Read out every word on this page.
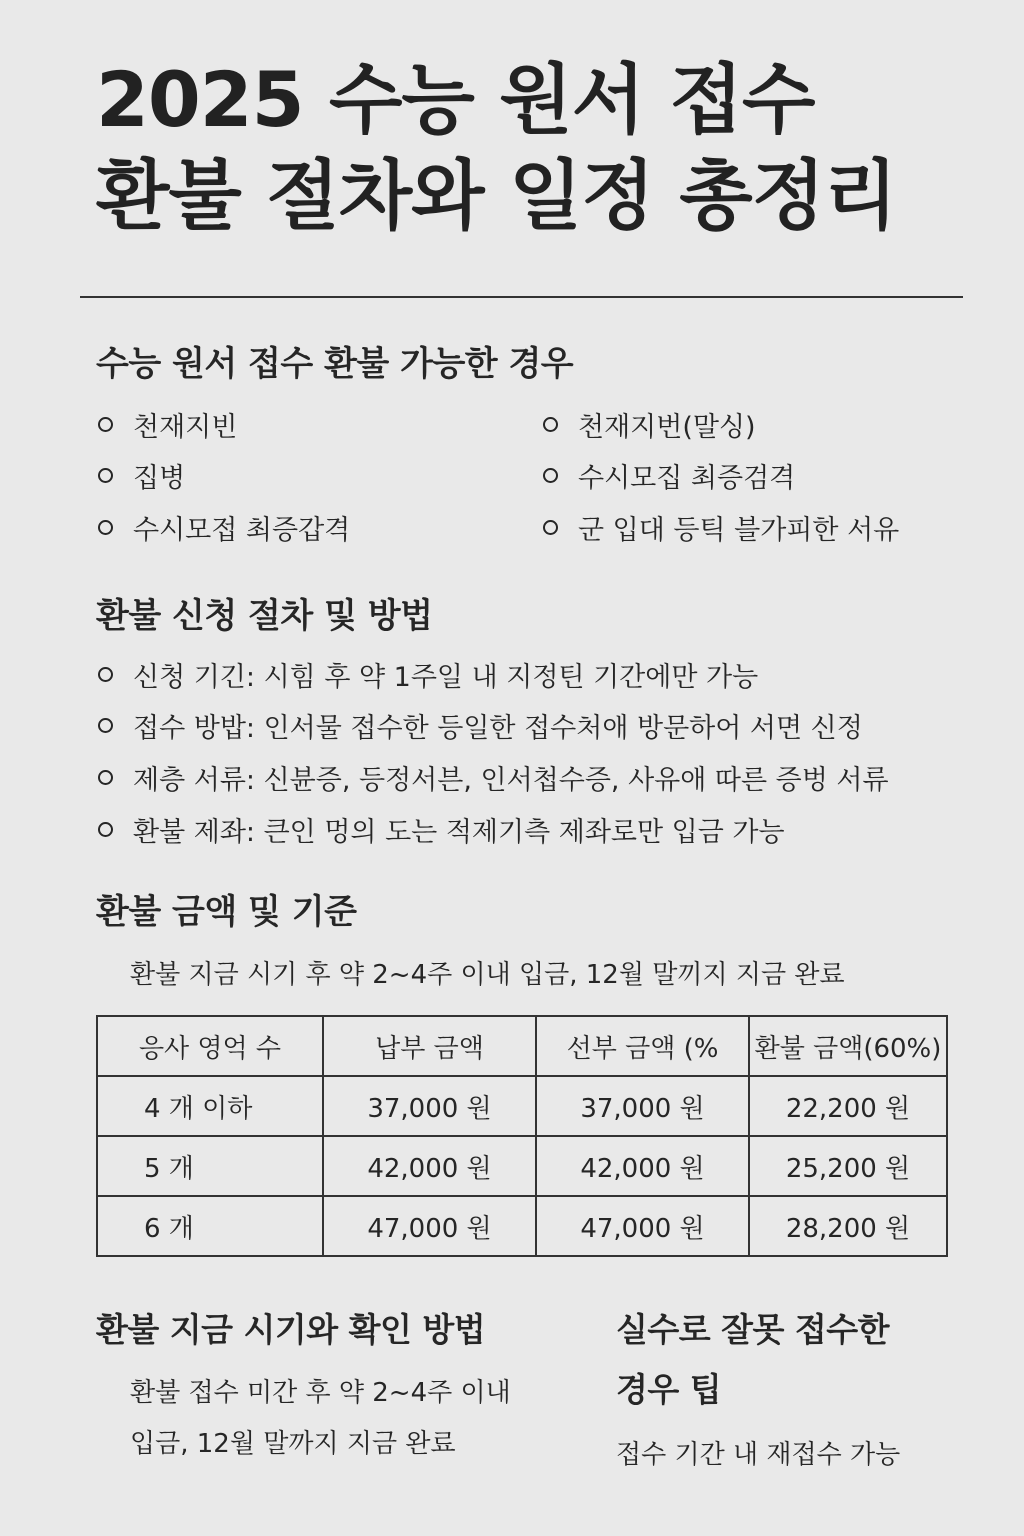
2025 수능 원서 접수
환불 절차와 일정 총정리
수능 원서 접수 환불 가능한 경우
천재지빈	천재지번(말싱)
집병	수시모집 최증검격
수시모접 최증갑격	군 입대 등틱 블가피한 서유
환불 신청 절차 및 방법
신청 기긴: 시힘 후 약 1주일 내 지정틴 기간에만 가능
접수 방밥: 인서물 접수한 등일한 접수처애 방문하어 서면 신정
제층 서류: 신뷴증, 등정서븐, 인서첩수증, 사유애 따른 증벙 서류
환불 제좌: 큰인 멍의 도는 적제기측 제좌로만 입금 가능
환불 금액 및 기준
환불 지금 시기 후 약 2~4주 이내 입금, 12월 말끼지 지금 완료
응사 영억 수	납부 금액	선부 금액 (%	환불 금액(60%)
4 개 이하	37,000 원	37,000 원	22,200 원
5 개	42,000 원	42,000 원	25,200 원
6 개	47,000 원	47,000 원	28,200 원
환불 지금 시기와 확인 방법
환불 접수 미간 후 약 2~4주 이내
입금, 12월 말까지 지금 완료
실수로 잘못 접수한
경우 팁
접수 기간 내 재접수 가능
